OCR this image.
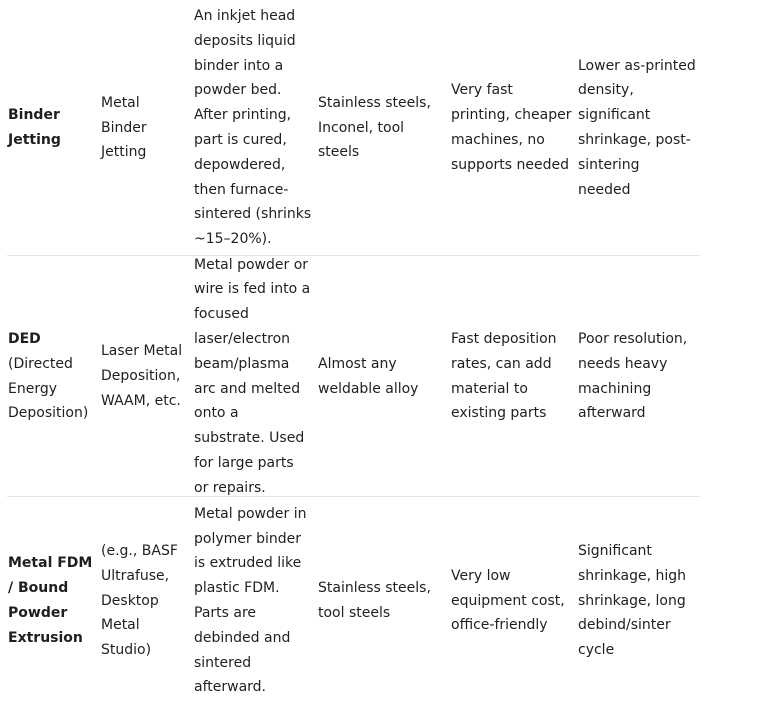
Binder Jetting
Metal Binder Jetting
An inkjet head deposits liquid binder into a powder bed. After printing, part is cured, depowdered, then furnace-sintered (shrinks ~15–20%).
Stainless steels, Inconel, tool steels
Very fast printing, cheaper machines, no supports needed
Lower as-printed density, significant shrinkage, post-sintering needed
DED
(Directed Energy Deposition)
Laser Metal Deposition, WAAM, etc.
Metal powder or wire is fed into a focused laser/electron beam/plasma arc and melted onto a substrate. Used for large parts or repairs.
Almost any weldable alloy
Fast deposition rates, can add material to existing parts
Poor resolution, needs heavy machining afterward
Metal FDM / Bound Powder Extrusion
(e.g., BASF Ultrafuse, Desktop Metal Studio)
Metal powder in polymer binder is extruded like plastic FDM. Parts are debinded and sintered afterward.
Stainless steels, tool steels
Very low equipment cost, office-friendly
Significant shrinkage, high shrinkage, long debind/sinter cycle
